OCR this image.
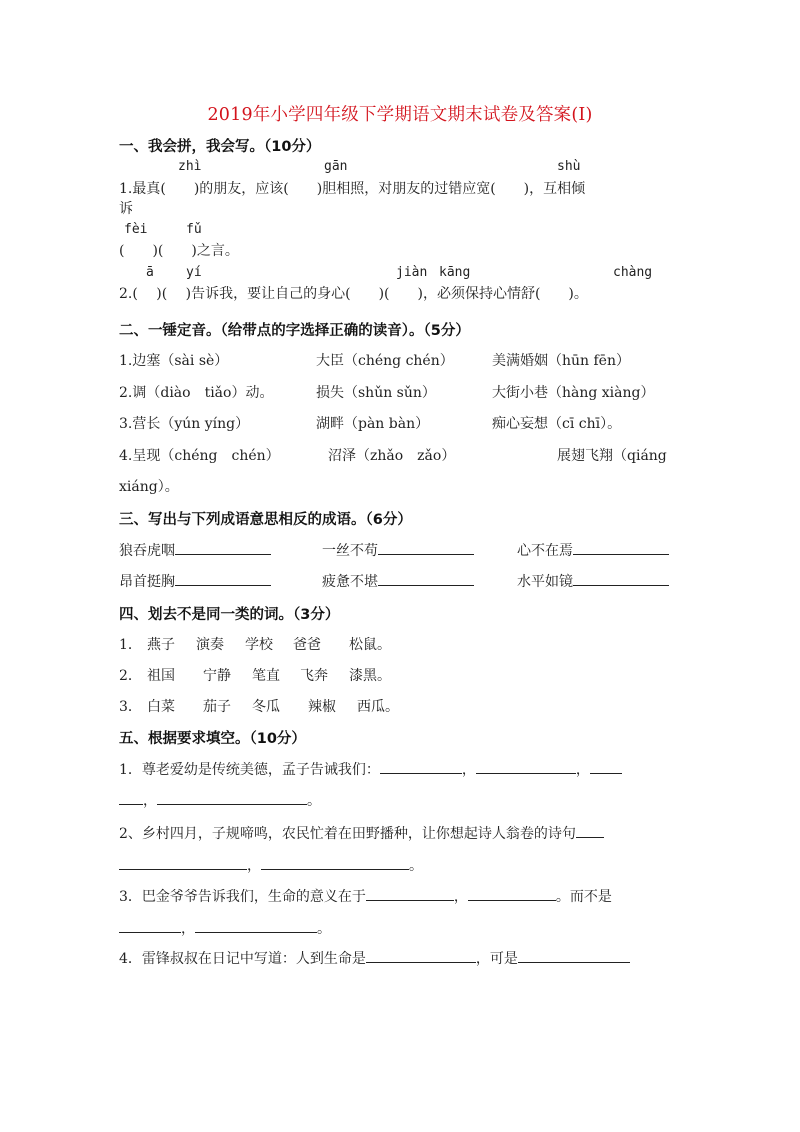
2019年小学四年级下学期语文期末试卷及答案(I)
一、我会拼，我会写。（10分）
zhì	gān	shù
1.最真(　　)的朋友，应该(　　)胆相照，对朋友的过错应宽(　　)，互相倾
诉
fèi	fǔ
(　　)(　　)之言。
ā yí	jiàn kāng	chàng
2.(　 )(　 )告诉我，要让自己的身心(　　)(　　)，必须保持心情舒(　　)。
二、一锤定音。（给带点的字选择正确的读音）。（5分）
1.边塞（sài sè）	大臣（chéng chén）	美满婚姻（hūn fēn）
2.调（diào　tiǎo）动。	损失（shǔn sǔn）	大街小巷（hàng xiàng）
3.营长（yún yíng）	湖畔（pàn bàn）	痴心妄想（cī chī）。
4.呈现（chéng　chén）	沼泽（zhǎo　zǎo）	展翅飞翔（qiáng
xiáng）。
三、写出与下列成语意思相反的成语。（6分）
狼吞虎咽	一丝不苟	心不在焉
昂首挺胸	疲惫不堪	水平如镜
四、划去不是同一类的词。（3分）
1． 燕子 演奏 学校 爸爸 松鼠。
2． 祖国 宁静 笔直 飞奔 漆黑。
3． 白菜 茄子 冬瓜 辣椒 西瓜。
五、根据要求填空。（10分）
1．尊老爱幼是传统美德，孟子告诫我们：	，	，
，	。
2、乡村四月，子规啼鸣，农民忙着在田野播种，让你想起诗人翁卷的诗句
，	。
3．巴金爷爷告诉我们，生命的意义在于	，	。而不是
，	。
4．雷锋叔叔在日记中写道：人到生命是	，可是
